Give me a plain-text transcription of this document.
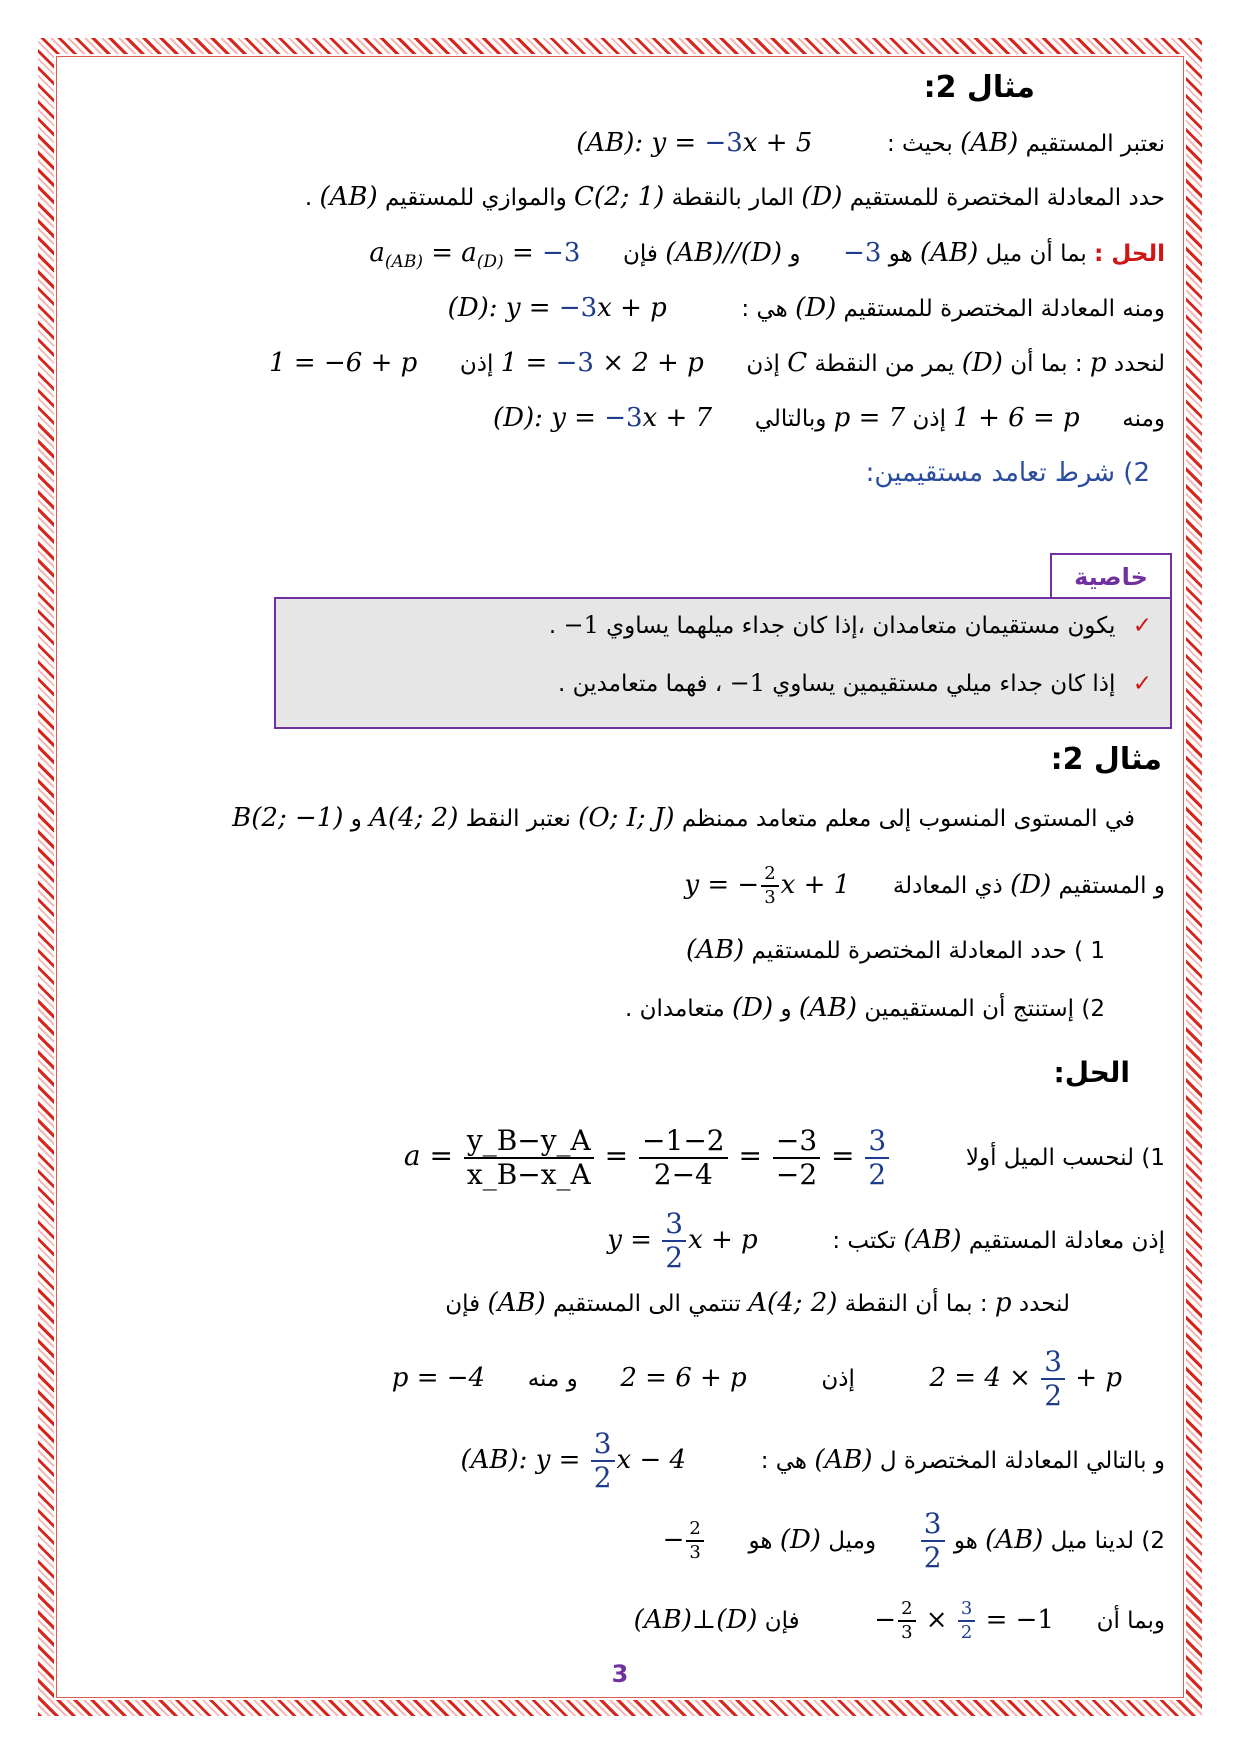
مثال 2:
نعتبر المستقيم (AB) بحيث :  (AB): y = −3x + 5
حدد المعادلة المختصرة للمستقيم (D) المار بالنقطة C(2; 1) والموازي للمستقيم (AB) .
الحل : بما أن ميل (AB) هو −3  و (AB)//(D) فإن  $a_{(AB)} = a_{(D)} = -3$
ومنه المعادلة المختصرة للمستقيم (D) هي :  (D): y = −3x + p
لنحدد p : بما أن (D) يمر من النقطة C إذن  1 = −3 × 2 + p إذن  1 = −6 + p
ومنه  1 + 6 = p إذن p = 7 وبالتالي  (D): y = −3x + 7
2) شرط تعامد مستقيمين:
خاصية
✓ يكون مستقيمان متعامدان ،إذا كان جداء ميلهما يساوي −1 .
✓ إذا كان جداء ميلي مستقيمين يساوي −1 ، فهما متعامدين .
مثال 2:
في المستوى المنسوب إلى معلم متعامد ممنظم (O; I; J) نعتبر النقط A(4; 2) و B(2; −1)
و المستقيم (D) ذي المعادلة  y = − $\frac{2}{3}$ x + 1
1 ) حدد المعادلة المختصرة للمستقيم (AB)
2) إستنتج أن المستقيمين (AB) و (D) متعامدان .
الحل:
1) لنحسب الميل أولا  $a = \frac{y\_B-y\_A}{x\_B-x\_A} = \frac{-1-2}{2-4} = \frac{-3}{-2} = \frac{3}{2}$
إذن معادلة المستقيم (AB) تكتب :  $y = \frac{3}{2}$ x + p
لنحدد p : بما أن النقطة A(4; 2) تنتمي الى المستقيم (AB) فإن
$2 = 4 \times \frac{3}{2} + p$  إذن  2 = 6 + p  و منه  p = −4
و بالتالي المعادلة المختصرة ل (AB) هي :  (AB): $y = \frac{3}{2}$ x − 4
2) لدينا ميل (AB) هو
$\frac{3}{2}$
وميل (D) هو  − $\frac{2}{3}$
وبما أن  − $\frac{2}{3} \times \frac{3}{2} = -1$  فإن (AB)⊥(D)
3
